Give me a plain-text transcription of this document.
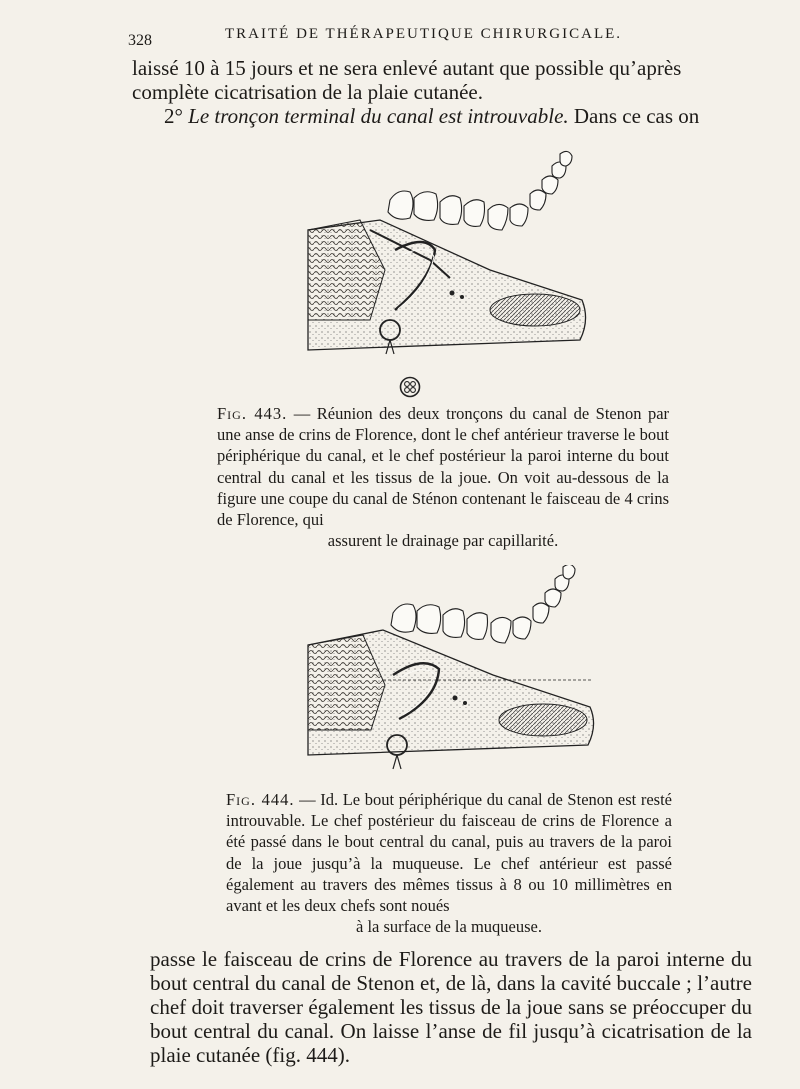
328	TRAITÉ DE THÉRAPEUTIQUE CHIRURGICALE.

laissé 10 à 15 jours et ne sera enlevé autant que possible qu’après
complète cicatrisation de la plaie cutanée.
2° Le tronçon terminal du canal est introuvable. Dans ce cas on

Fig. 443. — Réunion des deux tronçons du canal de Stenon par une anse de crins de Florence, dont le chef antérieur traverse le bout périphérique du canal, et le chef postérieur la paroi interne du bout central du canal et les tissus de la joue. On voit au-dessous de la figure une coupe du canal de Sténon contenant le faisceau de 4 crins de Florence, qui
assurent le drainage par capillarité.
Fig. 444. — Id. Le bout périphérique du canal de Stenon est resté introuvable. Le chef postérieur du faisceau de crins de Florence a été passé dans le bout central du canal, puis au travers de la paroi de la joue jusqu’à la muqueuse. Le chef antérieur est passé également au travers des mêmes tissus à 8 ou 10 millimètres en avant et les deux chefs sont noués
à la surface de la muqueuse.

passe le faisceau de crins de Florence au travers de la paroi interne du bout central du canal de Stenon et, de là, dans la cavité buccale ; l’autre chef doit traverser également les tissus de la joue sans se préoccuper du bout central du canal. On laisse l’anse de fil jusqu’à cicatrisation de la plaie cutanée (fig. 444).
